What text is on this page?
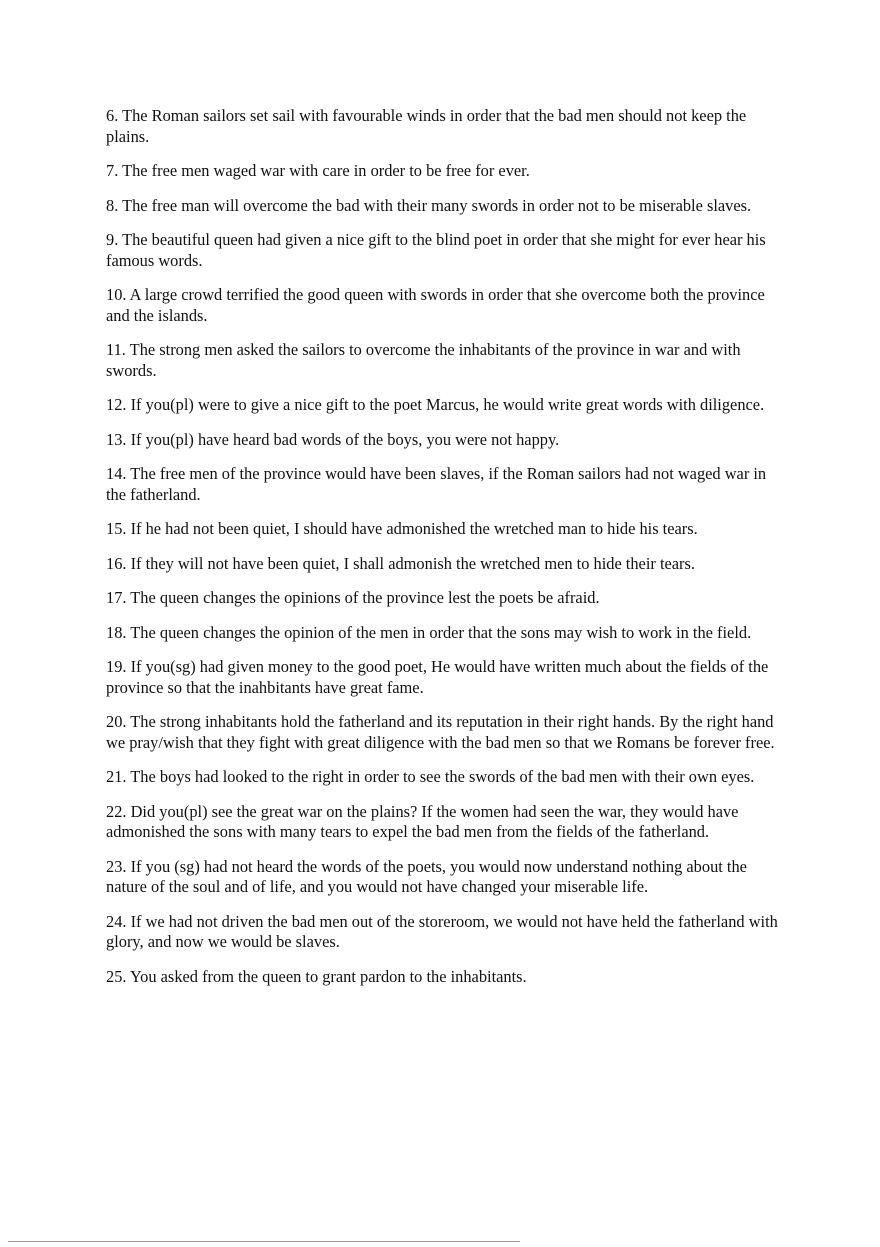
6. The Roman sailors set sail with favourable winds in order that the bad men should not keep the plains.

7. The free men waged war with care in order to be free for ever.

8. The free man will overcome the bad with their many swords in order not to be miserable slaves.

9. The beautiful queen had given a nice gift to the blind poet in order that she might for ever hear his famous words.

10. A large crowd terrified the good queen with swords in order that she overcome both the province and the islands.

11. The strong men asked the sailors to overcome the inhabitants of the province in war and with swords.

12. If you(pl) were to give a nice gift to the poet Marcus, he would write great words with diligence.

13. If you(pl) have heard bad words of the boys, you were not happy.

14. The free men of the province would have been slaves, if the Roman sailors had not waged war in the fatherland.

15. If he had not been quiet, I should have admonished the wretched man to hide his tears.

16. If they will not have been quiet, I shall admonish the wretched men to hide their tears.

17. The queen changes the opinions of the province lest the poets be afraid.

18. The queen changes the opinion of the men in order that the sons may wish to work in the field.

19. If you(sg) had given money to the good poet, He would have written much about the fields of the province so that the inahbitants have great fame.

20. The strong inhabitants hold the fatherland and its reputation in their right hands. By the right hand we pray/wish that they fight with great diligence with the bad men so that we Romans be forever free.

21. The boys had looked to the right in order to see the swords of the bad men with their own eyes.

22. Did you(pl) see the great war on the plains? If the women had seen the war, they would have admonished the sons with many tears to expel the bad men from the fields of the fatherland.

23. If you (sg) had not heard the words of the poets, you would now understand nothing about the nature of the soul and of life, and you would not have changed your miserable life.

24. If we had not driven the bad men out of the storeroom, we would not have held the fatherland with glory, and now we would be slaves.

25. You asked from the queen to grant pardon to the inhabitants.
